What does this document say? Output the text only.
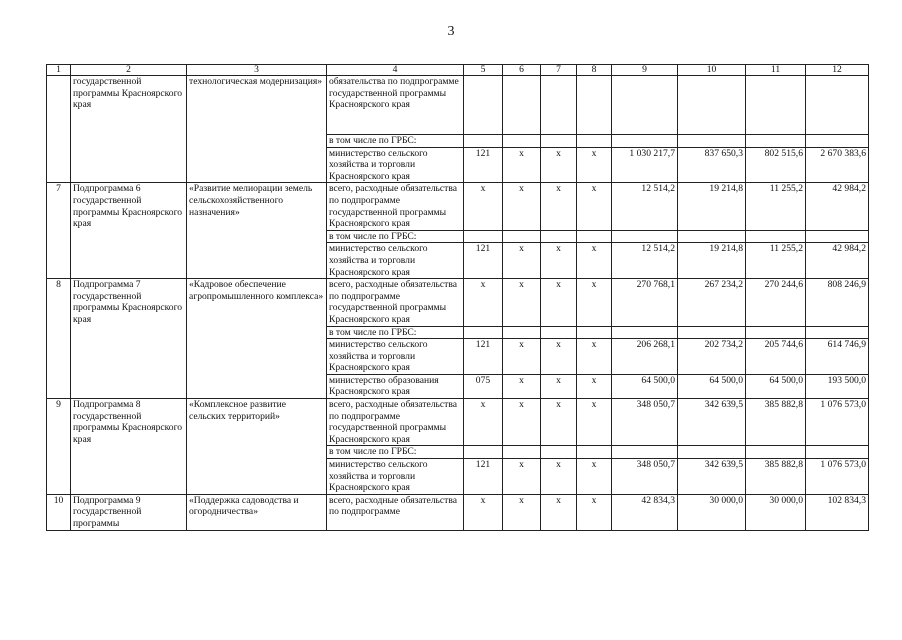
3
1	2	3	4	5	6	7	8	9	10	11	12
	государственной программы Красноярского края	технологическая модернизация»	обязательства по подпрограмме государственной программы Красноярского края								
			в том числе по ГРБС:								
			министерство сельского хозяйства и торговли Красноярского края	121	х	х	х	1 030 217,7	837 650,3	802 515,6	2 670 383,6
7	Подпрограмма 6 государственной программы Красноярского края	«Развитие мелиорации земель сельскохозяйственного назначения»	всего, расходные обязательства по подпрограмме государственной программы Красноярского края	х	х	х	х	12 514,2	19 214,8	11 255,2	42 984,2
			в том числе по ГРБС:								
			министерство сельского хозяйства и торговли Красноярского края	121	х	х	х	12 514,2	19 214,8	11 255,2	42 984,2
8	Подпрограмма 7 государственной программы Красноярского края	«Кадровое обеспечение агропромышленного комплекса»	всего, расходные обязательства по подпрограмме государственной программы Красноярского края	х	х	х	х	270 768,1	267 234,2	270 244,6	808 246,9
			в том числе по ГРБС:								
			министерство сельского хозяйства и торговли Красноярского края	121	х	х	х	206 268,1	202 734,2	205 744,6	614 746,9
			министерство образования Красноярского края	075	х	х	х	64 500,0	64 500,0	64 500,0	193 500,0
9	Подпрограмма 8 государственной программы Красноярского края	«Комплексное развитие сельских территорий»	всего, расходные обязательства по подпрограмме государственной программы Красноярского края	х	х	х	х	348 050,7	342 639,5	385 882,8	1 076 573,0
			в том числе по ГРБС:								
			министерство сельского хозяйства и торговли Красноярского края	121	х	х	х	348 050,7	342 639,5	385 882,8	1 076 573,0
10	Подпрограмма 9 государственной программы	«Поддержка садоводства и огородничества»	всего, расходные обязательства по подпрограмме	х	х	х	х	42 834,3	30 000,0	30 000,0	102 834,3
